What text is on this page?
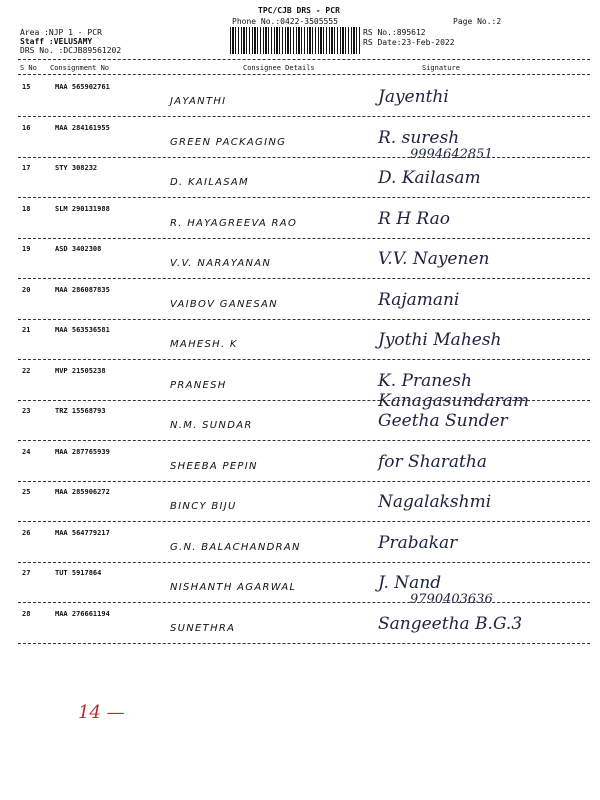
TPC/CJB DRS - PCR
Phone No.:0422-3505555	Page No.:2
Area :NJP 1 - PCR
Staff :VELUSAMY
DRS No. :DCJB89561202
RS No.:895612
RS Date:23-Feb-2022
S No Consignment No	Consignee Details	Signature
15	MAA 565902761
JAYANTHI	Jayenthi
16	MAA 284161955
GREEN PACKAGING	R. suresh
9994642851
17	STY 308232
D. KAILASAM	D. Kailasam
18	SLM 290131988
R. HAYAGREEVA RAO	R H Rao
19	ASD 3402308
V.V. NARAYANAN	V.V. Nayenen
20	MAA 286087835
VAIBOV GANESAN	Rajamani
21	MAA 563536581
MAHESH. K	Jyothi Mahesh
22	MVP 21505238
PRANESH	K. Pranesh Kanagasundaram
23	TRZ 15568793
N.M. SUNDAR	Geetha Sunder
24	MAA 287765939
SHEEBA PEPIN	for Sharatha
25	MAA 285906272
BINCY BIJU	Nagalakshmi
26	MAA 564779217
G.N. BALACHANDRAN	Prabakar
27	TUT 5917864
NISHANTH AGARWAL	J. Nand
9790403636
28	MAA 276661194
SUNETHRA	Sangeetha B.G.3
14 —
